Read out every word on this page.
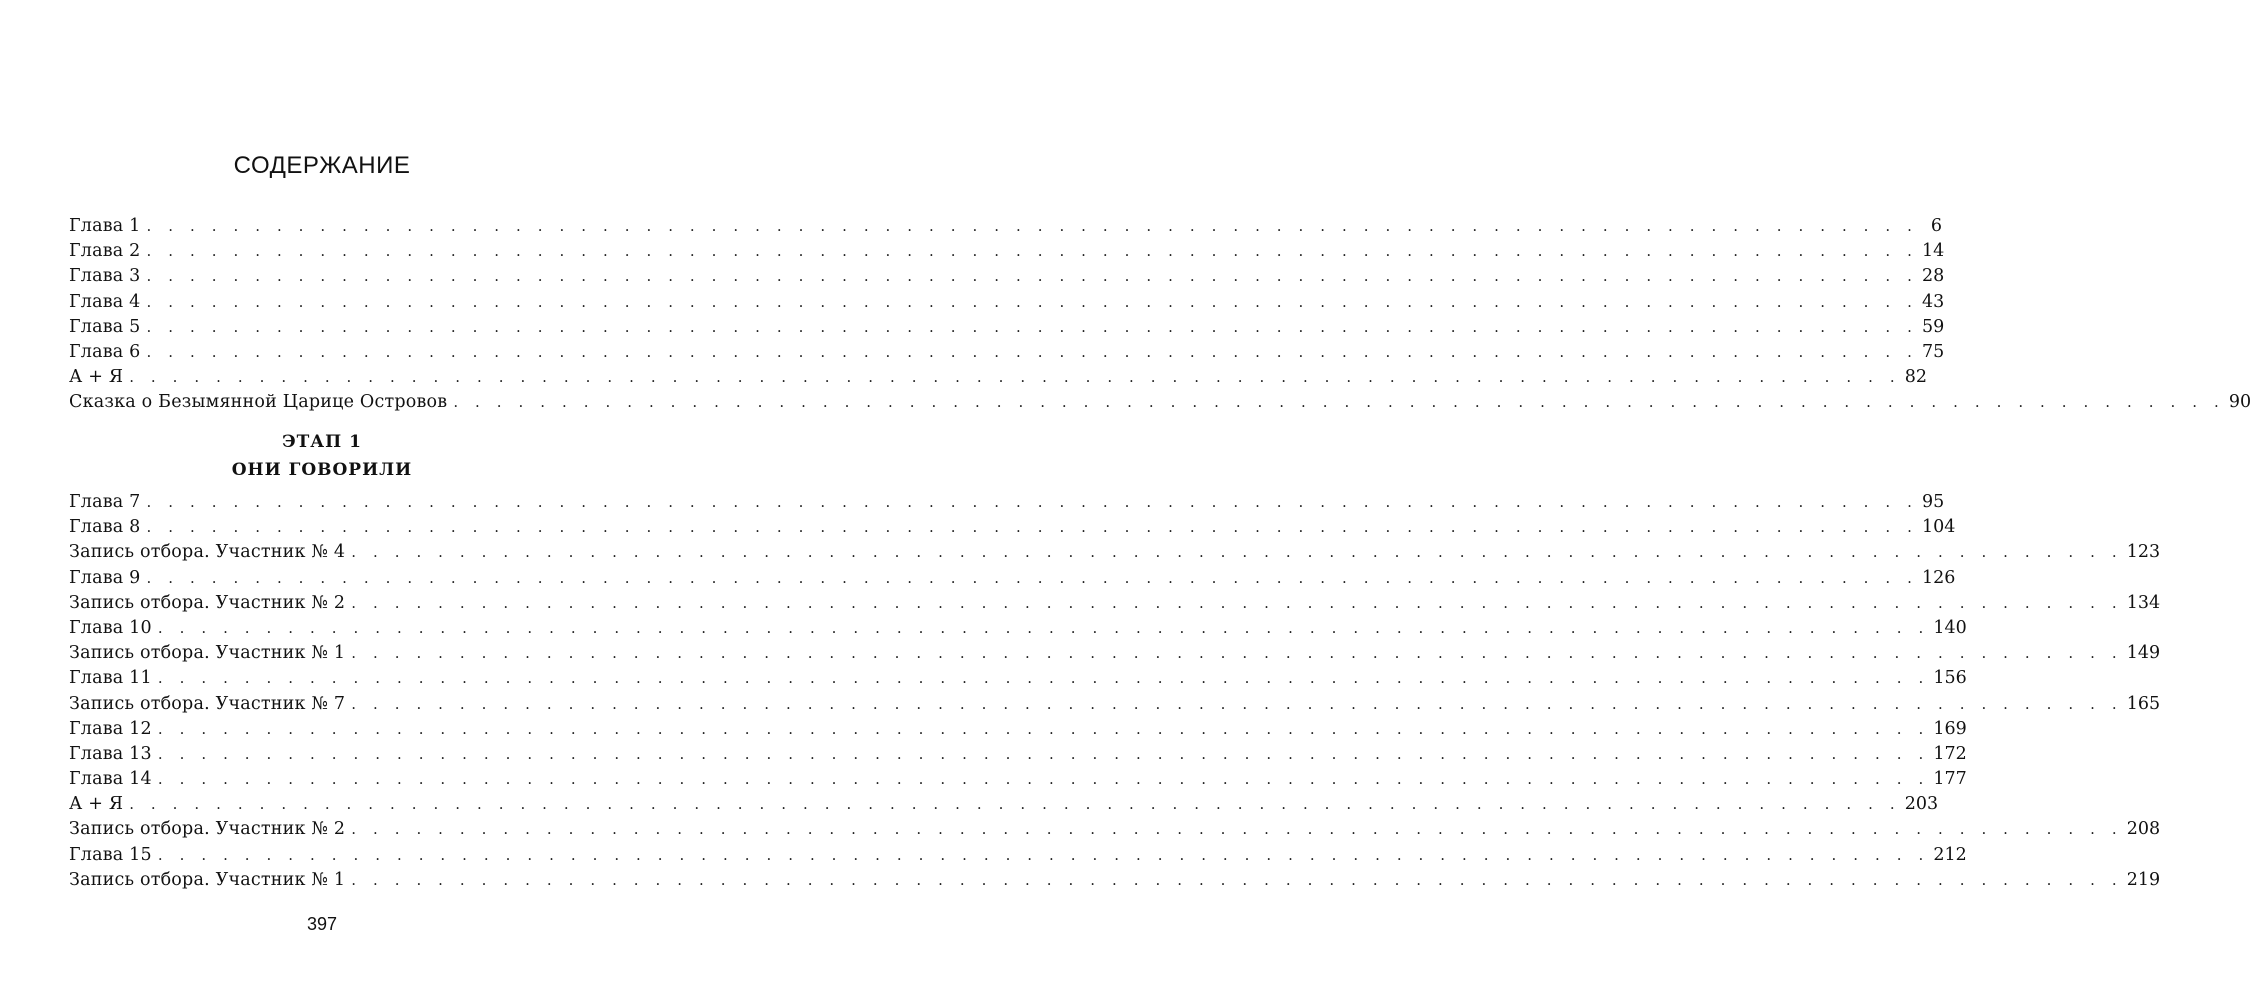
СОДЕРЖАНИЕ
Глава 1 . . . . . . . . . . . . . . . . . . . . . . . . . . . . . . . . . . . . . . . . . . . . . . . . . . . . . . . . . . . . . . . . . . . . . . . . . . . . . . . . . . 6
Глава 2 . . . . . . . . . . . . . . . . . . . . . . . . . . . . . . . . . . . . . . . . . . . . . . . . . . . . . . . . . . . . . . . . . . . . . . . . . . . . . . . . . . 14
Глава 3 . . . . . . . . . . . . . . . . . . . . . . . . . . . . . . . . . . . . . . . . . . . . . . . . . . . . . . . . . . . . . . . . . . . . . . . . . . . . . . . . . . 28
Глава 4 . . . . . . . . . . . . . . . . . . . . . . . . . . . . . . . . . . . . . . . . . . . . . . . . . . . . . . . . . . . . . . . . . . . . . . . . . . . . . . . . . . 43
Глава 5 . . . . . . . . . . . . . . . . . . . . . . . . . . . . . . . . . . . . . . . . . . . . . . . . . . . . . . . . . . . . . . . . . . . . . . . . . . . . . . . . . . 59
Глава 6 . . . . . . . . . . . . . . . . . . . . . . . . . . . . . . . . . . . . . . . . . . . . . . . . . . . . . . . . . . . . . . . . . . . . . . . . . . . . . . . . . . 75
А + Я . . . . . . . . . . . . . . . . . . . . . . . . . . . . . . . . . . . . . . . . . . . . . . . . . . . . . . . . . . . . . . . . . . . . . . . . . . . . . . . . . . 82
Сказка о Безымянной Царице Островов . . . . . . . . . . . . . . . . . . . . . . . . . . . . . . . . . . . . . . . . . . . . . . . . . . . . . . . . . . . . . . . . . . . . . . . . . . . . . . . . . . 90
ЭТАП 1
ОНИ ГОВОРИЛИ
Глава 7 . . . . . . . . . . . . . . . . . . . . . . . . . . . . . . . . . . . . . . . . . . . . . . . . . . . . . . . . . . . . . . . . . . . . . . . . . . . . . . . . . . 95
Глава 8 . . . . . . . . . . . . . . . . . . . . . . . . . . . . . . . . . . . . . . . . . . . . . . . . . . . . . . . . . . . . . . . . . . . . . . . . . . . . . . . . . . 104
Запись отбора. Участник № 4 . . . . . . . . . . . . . . . . . . . . . . . . . . . . . . . . . . . . . . . . . . . . . . . . . . . . . . . . . . . . . . . . . . . . . . . . . . . . . . . . . . 123
Глава 9 . . . . . . . . . . . . . . . . . . . . . . . . . . . . . . . . . . . . . . . . . . . . . . . . . . . . . . . . . . . . . . . . . . . . . . . . . . . . . . . . . . 126
Запись отбора. Участник № 2 . . . . . . . . . . . . . . . . . . . . . . . . . . . . . . . . . . . . . . . . . . . . . . . . . . . . . . . . . . . . . . . . . . . . . . . . . . . . . . . . . . 134
Глава 10 . . . . . . . . . . . . . . . . . . . . . . . . . . . . . . . . . . . . . . . . . . . . . . . . . . . . . . . . . . . . . . . . . . . . . . . . . . . . . . . . . . 140
Запись отбора. Участник № 1 . . . . . . . . . . . . . . . . . . . . . . . . . . . . . . . . . . . . . . . . . . . . . . . . . . . . . . . . . . . . . . . . . . . . . . . . . . . . . . . . . . 149
Глава 11 . . . . . . . . . . . . . . . . . . . . . . . . . . . . . . . . . . . . . . . . . . . . . . . . . . . . . . . . . . . . . . . . . . . . . . . . . . . . . . . . . . 156
Запись отбора. Участник № 7 . . . . . . . . . . . . . . . . . . . . . . . . . . . . . . . . . . . . . . . . . . . . . . . . . . . . . . . . . . . . . . . . . . . . . . . . . . . . . . . . . . 165
Глава 12 . . . . . . . . . . . . . . . . . . . . . . . . . . . . . . . . . . . . . . . . . . . . . . . . . . . . . . . . . . . . . . . . . . . . . . . . . . . . . . . . . . 169
Глава 13 . . . . . . . . . . . . . . . . . . . . . . . . . . . . . . . . . . . . . . . . . . . . . . . . . . . . . . . . . . . . . . . . . . . . . . . . . . . . . . . . . . 172
Глава 14 . . . . . . . . . . . . . . . . . . . . . . . . . . . . . . . . . . . . . . . . . . . . . . . . . . . . . . . . . . . . . . . . . . . . . . . . . . . . . . . . . . 177
А + Я . . . . . . . . . . . . . . . . . . . . . . . . . . . . . . . . . . . . . . . . . . . . . . . . . . . . . . . . . . . . . . . . . . . . . . . . . . . . . . . . . . 203
Запись отбора. Участник № 2 . . . . . . . . . . . . . . . . . . . . . . . . . . . . . . . . . . . . . . . . . . . . . . . . . . . . . . . . . . . . . . . . . . . . . . . . . . . . . . . . . . 208
Глава 15 . . . . . . . . . . . . . . . . . . . . . . . . . . . . . . . . . . . . . . . . . . . . . . . . . . . . . . . . . . . . . . . . . . . . . . . . . . . . . . . . . . 212
Запись отбора. Участник № 1 . . . . . . . . . . . . . . . . . . . . . . . . . . . . . . . . . . . . . . . . . . . . . . . . . . . . . . . . . . . . . . . . . . . . . . . . . . . . . . . . . . 219

397
